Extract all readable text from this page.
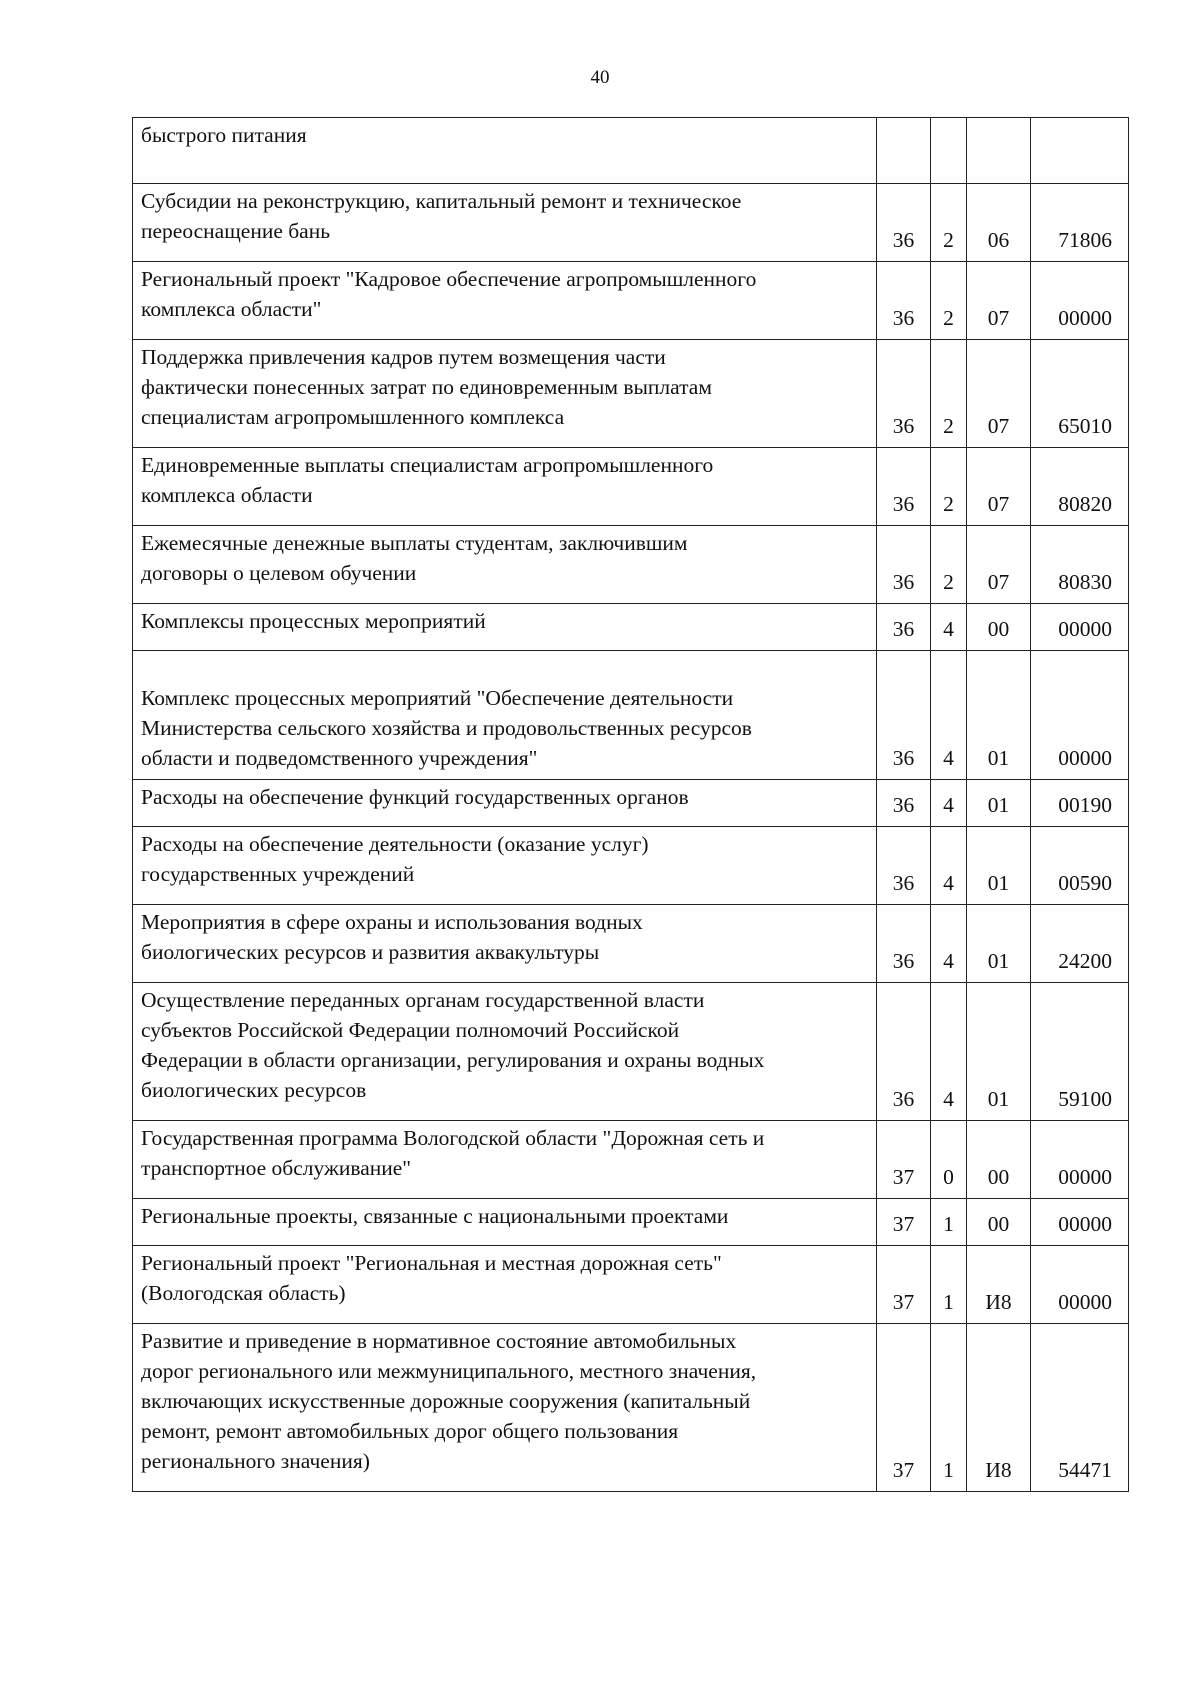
40
быстрого питания				
Субсидии на реконструкцию, капитальный ремонт и техническое
переоснащение бань	36	2	06	71806
Региональный проект "Кадровое обеспечение агропромышленного
комплекса области"	36	2	07	00000
Поддержка привлечения кадров путем возмещения части
фактически понесенных затрат по единовременным выплатам
специалистам агропромышленного комплекса	36	2	07	65010
Единовременные выплаты специалистам агропромышленного
комплекса области	36	2	07	80820
Ежемесячные денежные выплаты студентам, заключившим
договоры о целевом обучении	36	2	07	80830
Комплексы процессных мероприятий	36	4	00	00000

Комплекс процессных мероприятий "Обеспечение деятельности
Министерства сельского хозяйства и продовольственных ресурсов
области и подведомственного учреждения"	36	4	01	00000
Расходы на обеспечение функций государственных органов	36	4	01	00190
Расходы на обеспечение деятельности (оказание услуг)
государственных учреждений	36	4	01	00590
Мероприятия в сфере охраны и использования водных
биологических ресурсов и развития аквакультуры	36	4	01	24200
Осуществление переданных органам государственной власти
субъектов Российской Федерации полномочий Российской
Федерации в области организации, регулирования и охраны водных
биологических ресурсов	36	4	01	59100
Государственная программа Вологодской области "Дорожная сеть и
транспортное обслуживание"	37	0	00	00000
Региональные проекты, связанные с национальными проектами	37	1	00	00000
Региональный проект "Региональная и местная дорожная сеть"
(Вологодская область)	37	1	И8	00000
Развитие и приведение в нормативное состояние автомобильных
дорог регионального или межмуниципального, местного значения,
включающих искусственные дорожные сооружения (капитальный
ремонт, ремонт автомобильных дорог общего пользования
регионального значения)	37	1	И8	54471
